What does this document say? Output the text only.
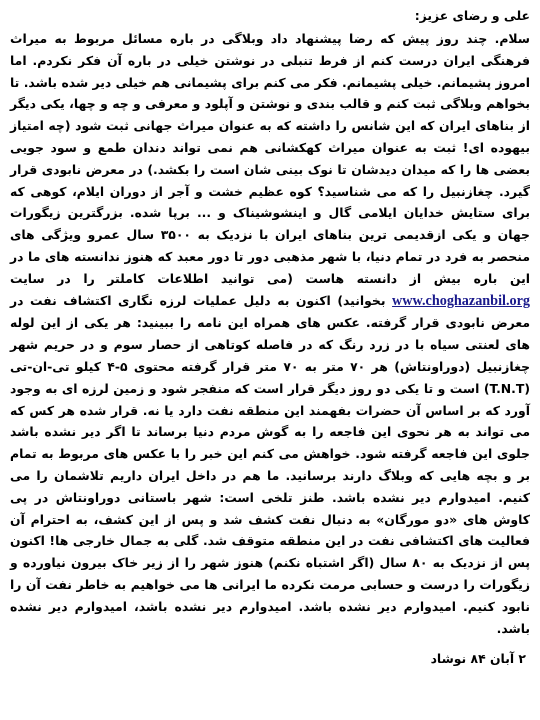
علی و رضای عزیز:
سلام. چند روز پیش که رضا پیشنهاد داد وبلاگی در باره مسائل مربوط به میراث فرهنگی ایران درست کنم از فرط تنبلی در نوشتن خیلی در باره آن فکر نکردم. اما امروز پشیمانم. خیلی پشیمانم. فکر می کنم برای پشیمانی هم خیلی دیر شده باشد. تا بخواهم وبلاگی ثبت کنم و قالب بندی و نوشتن و آپلود و معرفی و چه و چها، یکی دیگر از بناهای ایران که این شانس را داشته که به عنوان میراث جهانی ثبت شود (چه امتیاز بیهوده ای! ثبت به عنوان میراث کهکشانی هم نمی تواند دندان طمع و سود جویی بعضی ها را که میدان دیدشان تا نوک بینی شان است را بکشد.) در معرض نابودی قرار گیرد. چغازنبیل را که می شناسید؟ کوه عظیم خشت و آجر از دوران ایلام، کوهی که برای ستایش خدایان ایلامی گال و اینشوشیناک و ... برپا شده. بزرگترین زیگورات جهان و یکی ازقدیمی ترین بناهای ایران با نزدیک به ۳۵۰۰ سال عمرو ویژگی های منحصر به فرد در تمام دنیا، با شهر مذهبی دور تا دور معبد که هنوز ندانسته های ما در این باره بیش از دانسته هاست (می توانید اطلاعات کاملتر را در سایت www.choghazanbil.org بخوانید) اکنون به دلیل عملیات لرزه نگاری اکتشاف نفت در معرض نابودی قرار گرفته. عکس های همراه این نامه را ببینید: هر یکی از این لوله های لعنتی سیاه با در زرد رنگ که در فاصله کوتاهی از حصار سوم و در حریم شهر چغازنبیل (دوراونتاش) هر ۷۰ متر به ۷۰ متر قرار گرفته محتوی ۵-۴ کیلو تی-ان-تی (T.N.T) است و تا یکی دو روز دیگر قرار است که منفجر شود و زمین لرزه ای به وجود آورد که بر اساس آن حضرات بفهمند این منطقه نفت دارد یا نه. قرار شده هر کس که می تواند به هر نحوی این فاجعه را به گوش مردم دنیا برساند تا اگر دیر نشده باشد جلوی این فاجعه گرفته شود. خواهش می کنم این خبر را با عکس های مربوط به تمام بر و بچه هایی که وبلاگ دارند برسانید. ما هم در داخل ایران داریم تلاشمان را می کنیم. امیدوارم دیر نشده باشد. طنز تلخی است: شهر باستانی دوراونتاش در پی کاوش های «دو مورگان» به دنبال نفت کشف شد و پس از این کشف، به احترام آن فعالیت های اکتشافی نفت در این منطقه متوقف شد. گلی به جمال خارجی ها! اکنون پس از نزدیک به ۸۰ سال (اگر اشتباه نکنم) هنوز شهر را از زیر خاک بیرون نیاورده و زیگورات را درست و حسابی مرمت نکرده ما ایرانی ها می خواهیم به خاطر نفت آن را نابود کنیم. امیدوارم دیر نشده باشد. امیدوارم دیر نشده باشد، امیدوارم دیر نشده باشد.
۲ آبان ۸۴ نوشاد
